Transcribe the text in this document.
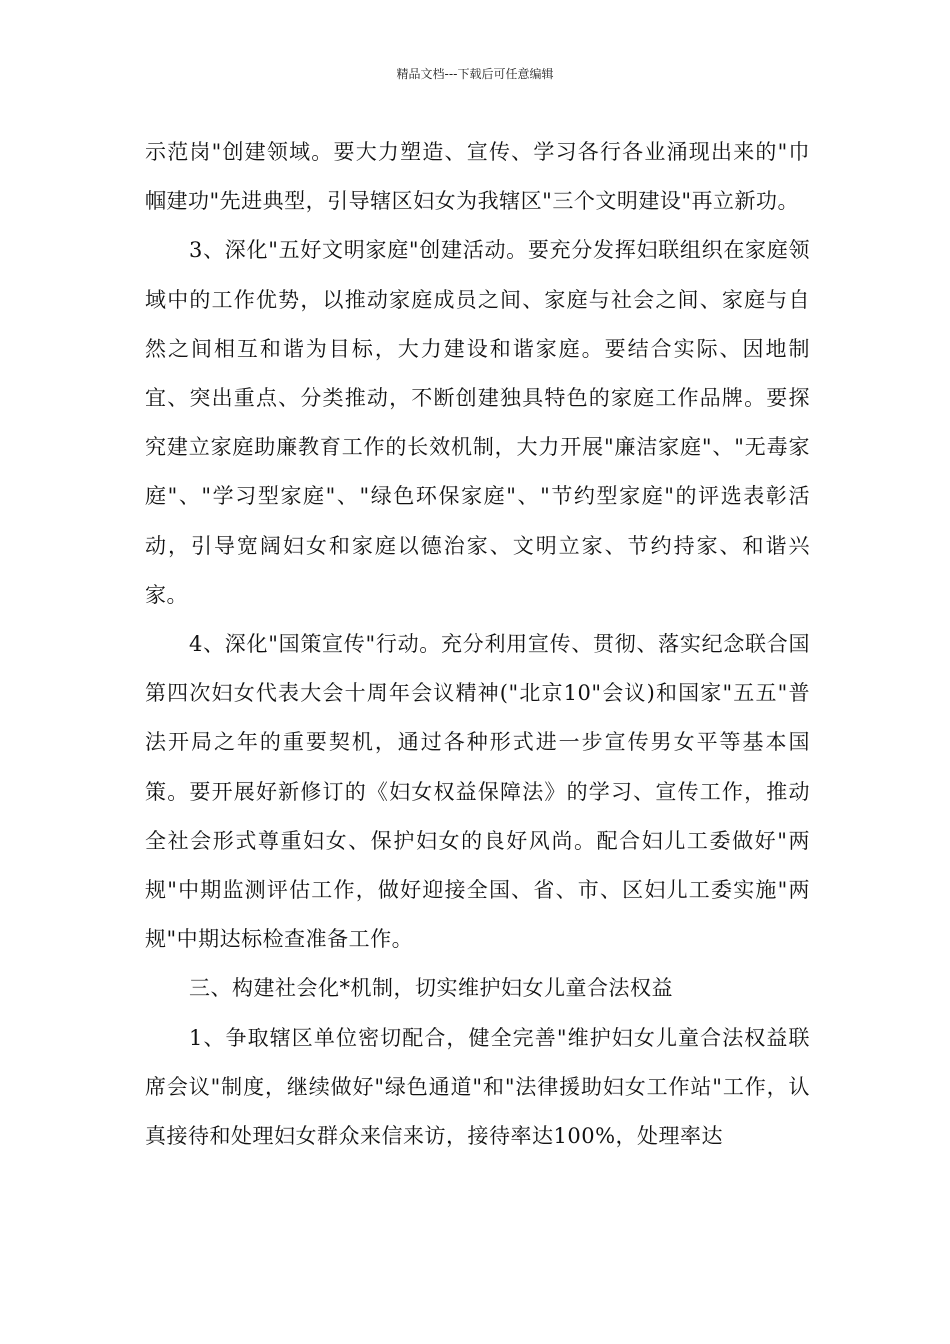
精品文档---下载后可任意编辑

示范岗"创建领域。要大力塑造、宣传、学习各行各业涌现出来的"巾帼建功"先进典型，引导辖区妇女为我辖区"三个文明建设"再立新功。

3、深化"五好文明家庭"创建活动。要充分发挥妇联组织在家庭领域中的工作优势，以推动家庭成员之间、家庭与社会之间、家庭与自然之间相互和谐为目标，大力建设和谐家庭。要结合实际、因地制宜、突出重点、分类推动，不断创建独具特色的家庭工作品牌。要探究建立家庭助廉教育工作的长效机制，大力开展"廉洁家庭"、"无毒家庭"、"学习型家庭"、"绿色环保家庭"、"节约型家庭"的评选表彰活动，引导宽阔妇女和家庭以德治家、文明立家、节约持家、和谐兴家。

4、深化"国策宣传"行动。充分利用宣传、贯彻、落实纪念联合国第四次妇女代表大会十周年会议精神("北京10"会议)和国家"五五"普法开局之年的重要契机，通过各种形式进一步宣传男女平等基本国策。要开展好新修订的《妇女权益保障法》的学习、宣传工作，推动全社会形式尊重妇女、保护妇女的良好风尚。配合妇儿工委做好"两规"中期监测评估工作，做好迎接全国、省、市、区妇儿工委实施"两规"中期达标检查准备工作。

三、构建社会化*机制，切实维护妇女儿童合法权益

1、争取辖区单位密切配合，健全完善"维护妇女儿童合法权益联席会议"制度，继续做好"绿色通道"和"法律援助妇女工作站"工作，认真接待和处理妇女群众来信来访，接待率达100%，处理率达
